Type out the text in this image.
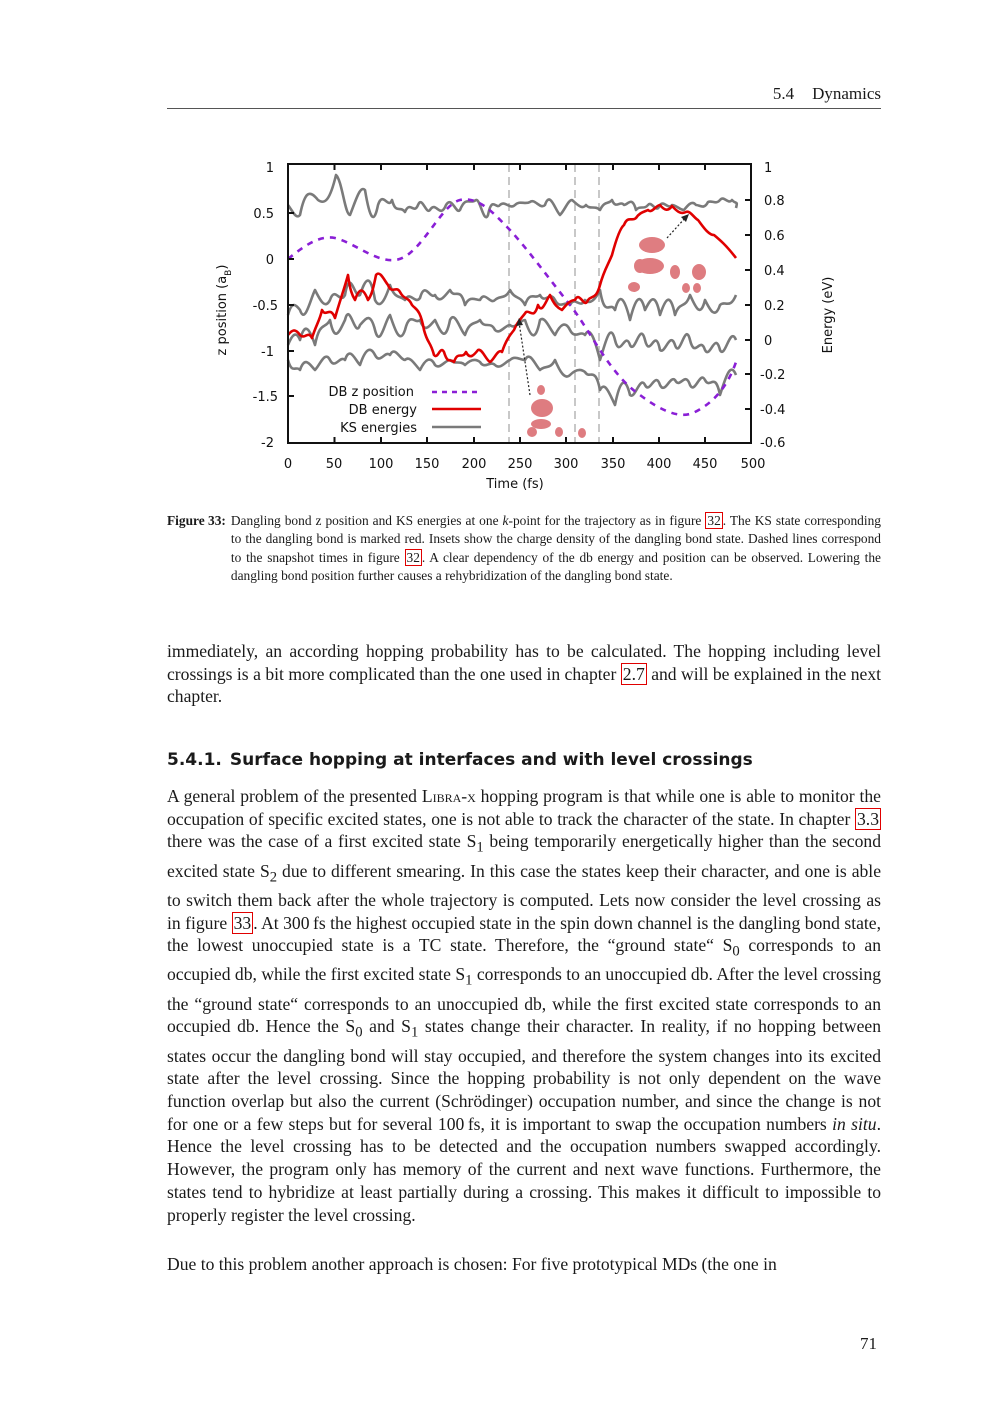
5.4 Dynamics
1
0.5
0
-0.5
-1
-1.5
-2
1
0.8
0.6
0.4
0.2
0
-0.2
-0.4
-0.6
0	50 100 150 200 250 300 350 400 450 500
Time (fs)
z position $(a_B)$
Energy (eV)
DB z position
DB energy
KS energies
Figure 33: Dangling bond z position and KS energies at one k-point for the trajectory as in figure 32 . The KS state corresponding to the dangling bond is marked red. Insets show the charge density of the dangling bond state. Dashed lines correspond to the snapshot times in figure 32 . A clear dependency of the db energy and position can be observed. Lowering the dangling bond position further causes a rehybridization of the dangling bond state.
immediately, an according hopping probability has to be calculated. The hopping including level crossings is a bit more complicated than the one used in chapter 2.7 and will be explained in the next chapter.
5.4.1. Surface hopping at interfaces and with level crossings
A general problem of the presented Libra-x hopping program is that while one is able to monitor the occupation of specific excited states, one is not able to track the character of the state. In chapter 3.3 there was the case of a first excited state $S_1$ being temporarily energetically higher than the second excited state $S_2$ due to different smearing. In this case the states keep their character, and one is able to switch them back after the whole trajectory is computed. Lets now consider the level crossing as in figure 33 . At 300 fs the highest occupied state in the spin down channel is the dangling bond state, the lowest unoccupied state is a TC state. Therefore, the “ground state“ $S_0$ corresponds to an occupied db, while the first excited state $S_1$ corresponds to an unoccupied db. After the level crossing the “ground state“ corresponds to an unoccupied db, while the first excited state corresponds to an occupied db. Hence the $S_0$ and $S_1$ states change their character. In reality, if no hopping between states occur the dangling bond will stay occupied, and therefore the system changes into its excited state after the level crossing. Since the hopping probability is not only dependent on the wave function overlap but also the current (Schrödinger) occupation number, and since the change is not for one or a few steps but for several 100 fs, it is important to swap the occupation numbers in situ. Hence the level crossing has to be detected and the occupation numbers swapped accordingly. However, the program only has memory of the current and next wave functions. Furthermore, the states tend to hybridize at least partially during a crossing. This makes it difficult to impossible to properly register the level crossing.
Due to this problem another approach is chosen: For five prototypical MDs (the one in
71
